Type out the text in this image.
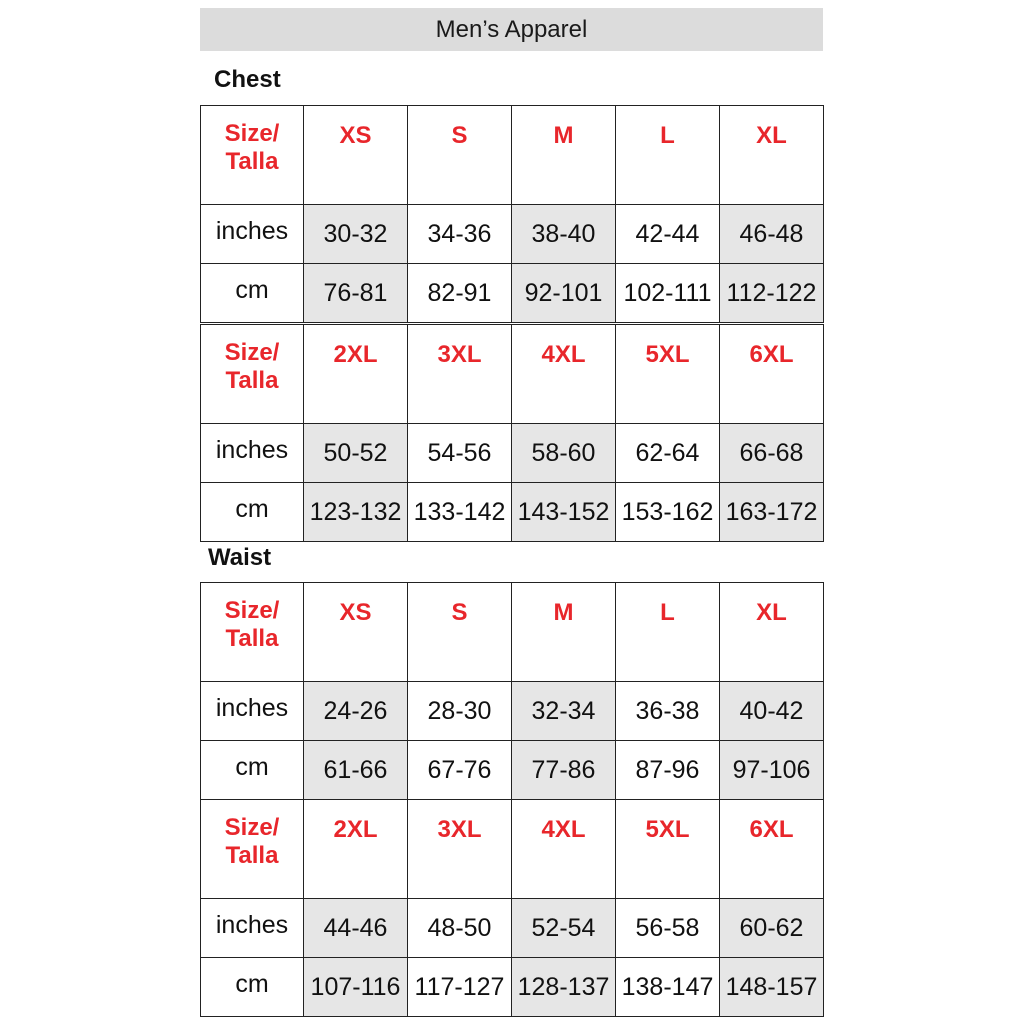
Men’s Apparel
Chest
Waist
Size/
Talla	XS	S	M	L	XL
inches	30-32	34-36	38-40	42-44	46-48
cm	76-81	82-91	92-101	102-111	112-122
Size/
Talla	2XL	3XL	4XL	5XL	6XL
inches	50-52	54-56	58-60	62-64	66-68
cm	123-132	133-142	143-152	153-162	163-172
Size/
Talla	XS	S	M	L	XL
inches	24-26	28-30	32-34	36-38	40-42
cm	61-66	67-76	77-86	87-96	97-106
Size/
Talla	2XL	3XL	4XL	5XL	6XL
inches	44-46	48-50	52-54	56-58	60-62
cm	107-116	117-127	128-137	138-147	148-157
